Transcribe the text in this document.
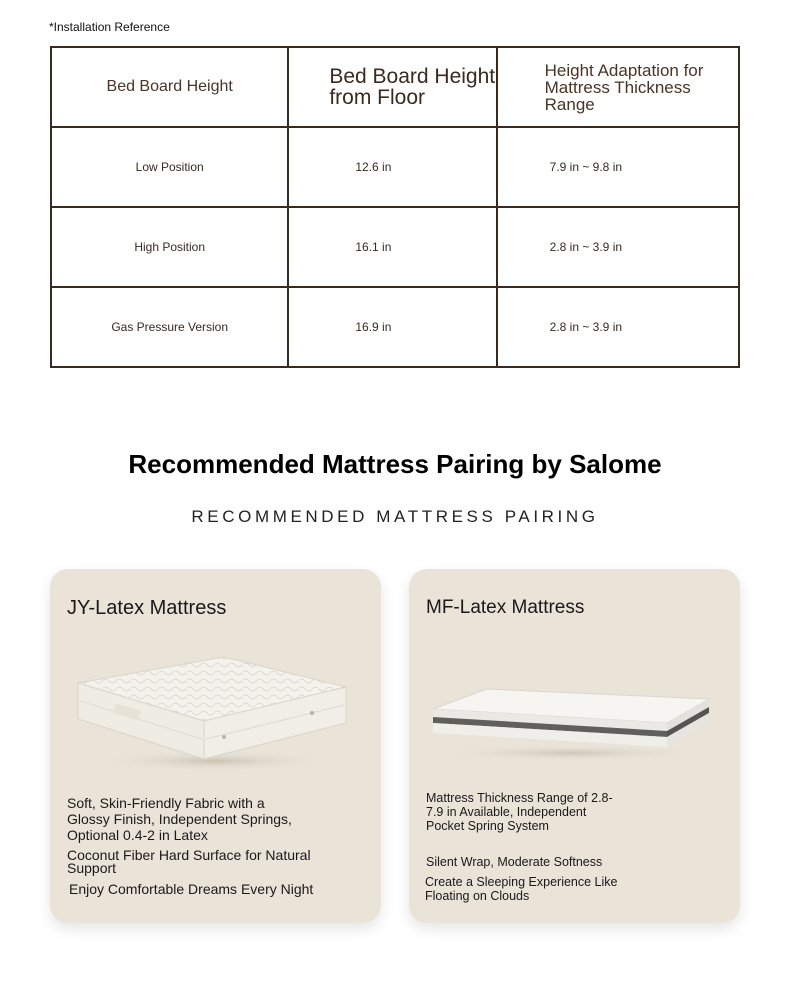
*Installation Reference
Bed Board Height	Bed Board Height from Floor	Height Adaptation for Mattress Thickness Range
Low Position	12.6 in	7.9 in ~ 9.8 in
High Position	16.1 in	2.8 in ~ 3.9 in
Gas Pressure Version	16.9 in	2.8 in ~ 3.9 in
Recommended Mattress Pairing by Salome
RECOMMENDED MATTRESS PAIRING
JY-Latex Mattress

Soft, Skin-Friendly Fabric with a Glossy Finish, Independent Springs, Optional 0.4-2 in Latex

Coconut Fiber Hard Surface for Natural Support

Enjoy Comfortable Dreams Every Night

MF-Latex Mattress

Mattress Thickness Range of 2.8-7.9 in Available, Independent Pocket Spring System

Silent Wrap, Moderate Softness

Create a Sleeping Experience Like Floating on Clouds
